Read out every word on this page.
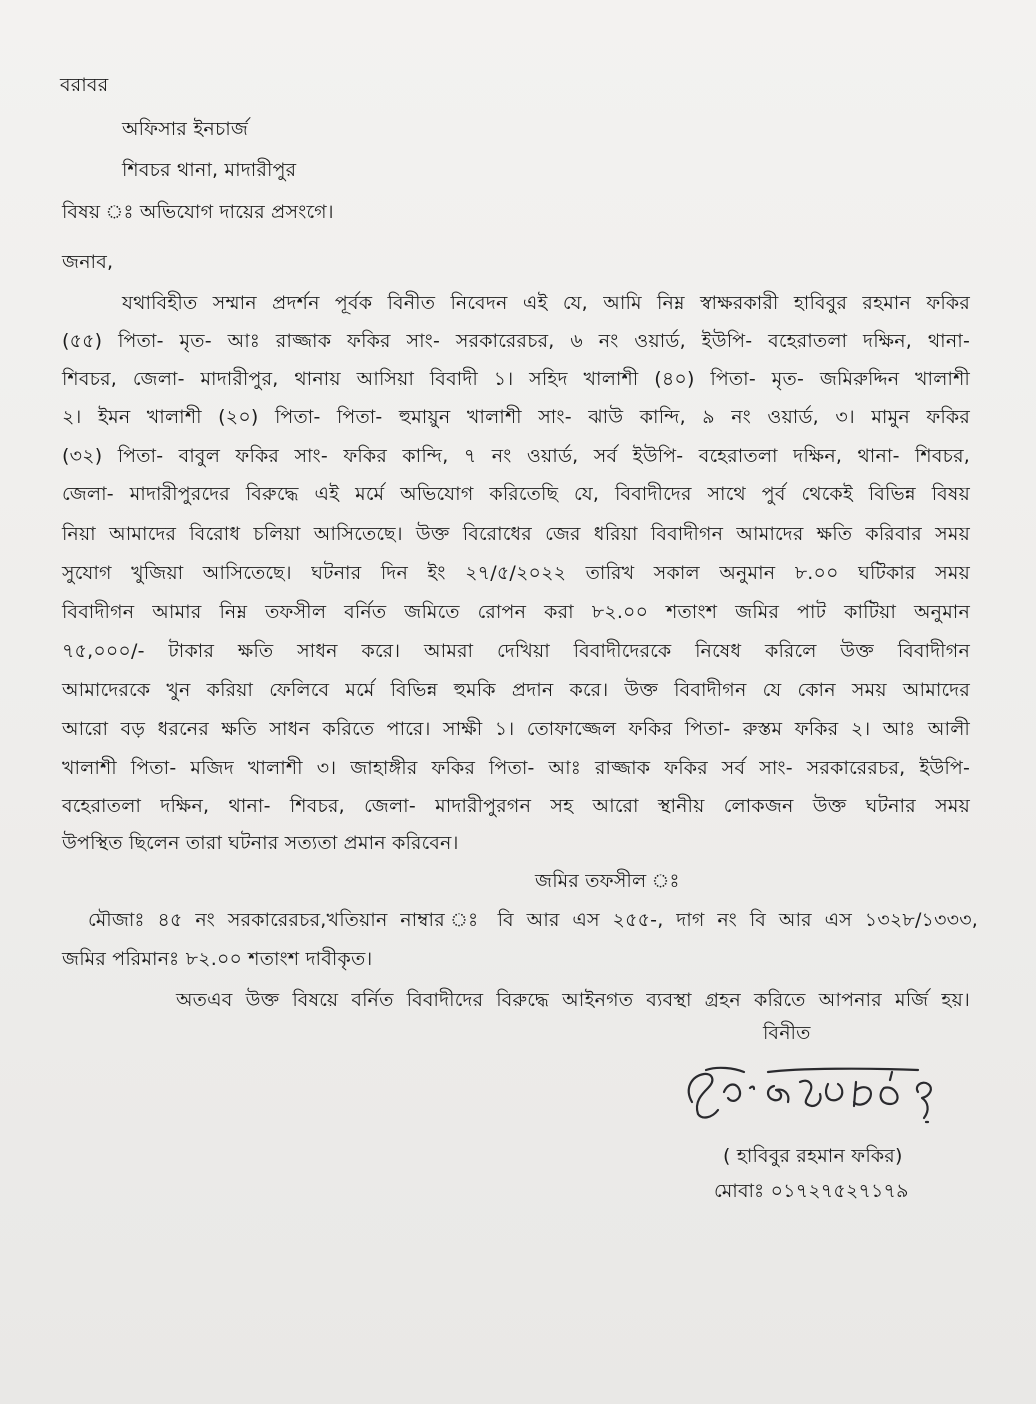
বরাবর
অফিসার ইনচার্জ
শিবচর থানা, মাদারীপুর
বিষয় ঃ অভিযোগ দায়ের প্রসংগে।
জনাব,
যথাবিহীত সম্মান প্রদর্শন পূর্বক বিনীত নিবেদন এই যে, আমি নিম্ন স্বাক্ষরকারী হাবিবুর রহমান ফকির
(৫৫) পিতা- মৃত- আঃ রাজ্জাক ফকির সাং- সরকারেরচর, ৬ নং ওয়ার্ড, ইউপি- বহেরাতলা দক্ষিন, থানা-
শিবচর, জেলা- মাদারীপুর, থানায় আসিয়া বিবাদী ১। সহিদ খালাশী (৪০) পিতা- মৃত- জমিরুদ্দিন খালাশী
২। ইমন খালাশী (২০) পিতা- পিতা- হুমায়ুন খালাশী সাং- ঝাউ কান্দি, ৯ নং ওয়ার্ড, ৩। মামুন ফকির
(৩২) পিতা- বাবুল ফকির সাং- ফকির কান্দি, ৭ নং ওয়ার্ড, সর্ব ইউপি- বহেরাতলা দক্ষিন, থানা- শিবচর,
জেলা- মাদারীপুরদের বিরুদ্ধে এই মর্মে অভিযোগ করিতেছি যে, বিবাদীদের সাথে পুর্ব থেকেই বিভিন্ন বিষয়
নিয়া আমাদের বিরোধ চলিয়া আসিতেছে। উক্ত বিরোধের জের ধরিয়া বিবাদীগন আমাদের ক্ষতি করিবার সময়
সুযোগ খুজিয়া আসিতেছে। ঘটনার দিন ইং ২৭/৫/২০২২ তারিখ সকাল অনুমান ৮.০০ ঘটিকার সময়
বিবাদীগন আমার নিম্ন তফসীল বর্নিত জমিতে রোপন করা ৮২.০০ শতাংশ জমির পাট কাটিয়া অনুমান
৭৫,০০০/- টাকার ক্ষতি সাধন করে। আমরা দেখিয়া বিবাদীদেরকে নিষেধ করিলে উক্ত বিবাদীগন
আমাদেরকে খুন করিয়া ফেলিবে মর্মে বিভিন্ন হুমকি প্রদান করে। উক্ত বিবাদীগন যে কোন সময় আমাদের
আরো বড় ধরনের ক্ষতি সাধন করিতে পারে। সাক্ষী ১। তোফাজ্জেল ফকির পিতা- রুস্তম ফকির ২। আঃ আলী
খালাশী পিতা- মজিদ খালাশী ৩। জাহাঙ্গীর ফকির পিতা- আঃ রাজ্জাক ফকির সর্ব সাং- সরকারেরচর, ইউপি-
বহেরাতলা দক্ষিন, থানা- শিবচর, জেলা- মাদারীপুরগন সহ আরো স্থানীয় লোকজন উক্ত ঘটনার সময়
উপস্থিত ছিলেন তারা ঘটনার সত্যতা প্রমান করিবেন।
জমির তফসীল ঃ
মৌজাঃ ৪৫ নং সরকারেরচর,খতিয়ান নাম্বার ঃ বি আর এস ২৫৫-, দাগ নং বি আর এস ১৩২৮/১৩৩৩,
জমির পরিমানঃ ৮২.০০ শতাংশ দাবীকৃত।
অতএব উক্ত বিষয়ে বর্নিত বিবাদীদের বিরুদ্ধে আইনগত ব্যবস্থা গ্রহন করিতে আপনার মর্জি হয়।
বিনীত
( হাবিবুর রহমান ফকির)
মোবাঃ ০১৭২৭৫২৭১৭৯
